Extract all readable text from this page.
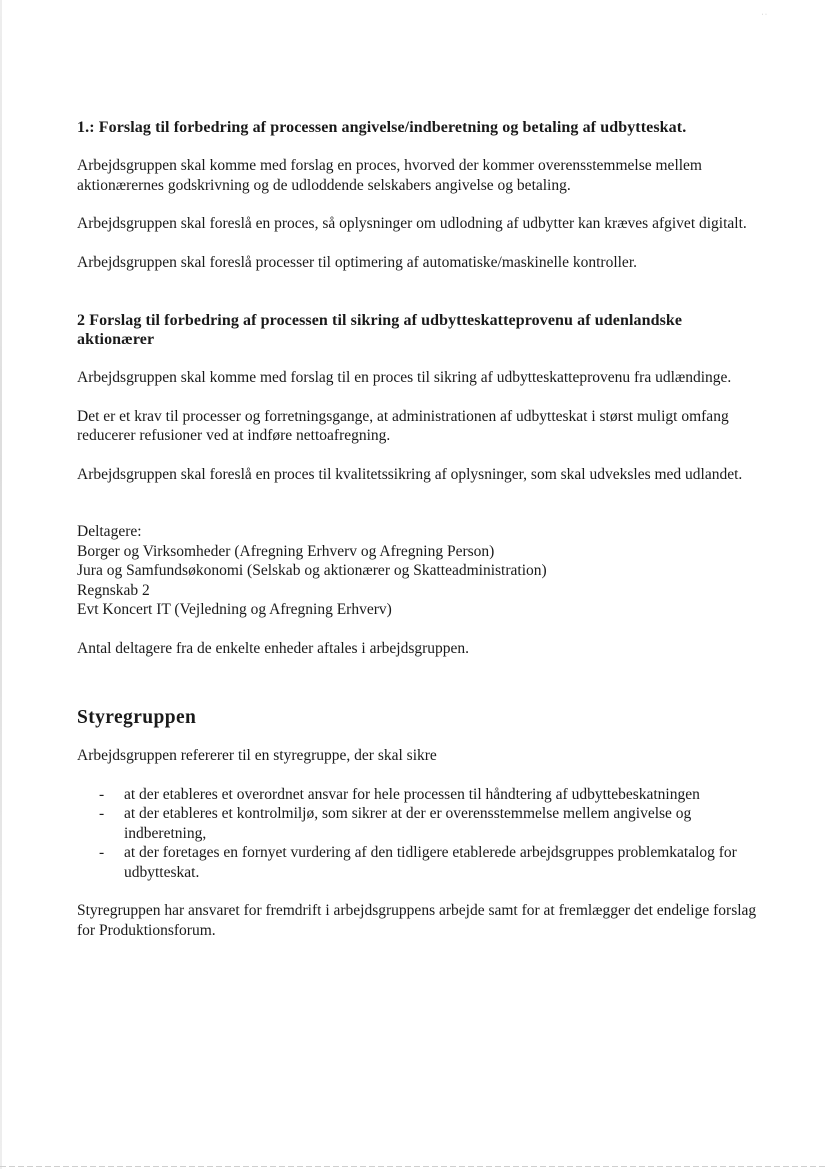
· ·
1.: Forslag til forbedring af processen angivelse/indberetning og betaling af udbytteskat.

Arbejdsgruppen skal komme med forslag en proces, hvorved der kommer overensstemmelse mellem aktionærernes godskrivning og de udloddende selskabers angivelse og betaling.

Arbejdsgruppen skal foreslå en proces, så oplysninger om udlodning af udbytter kan kræves afgivet digitalt.

Arbejdsgruppen skal foreslå processer til optimering af automatiske/maskinelle kontroller.

2 Forslag til forbedring af processen til sikring af udbytteskatteprovenu af udenlandske aktionærer

Arbejdsgruppen skal komme med forslag til en proces til sikring af udbytteskatteprovenu fra udlændinge.

Det er et krav til processer og forretningsgange, at administrationen af udbytteskat i størst muligt omfang reducerer refusioner ved at indføre nettoafregning.

Arbejdsgruppen skal foreslå en proces til kvalitetssikring af oplysninger, som skal udveksles med udlandet.

Deltagere:

Borger og Virksomheder (Afregning Erhverv og Afregning Person)

Jura og Samfundsøkonomi (Selskab og aktionærer og Skatteadministration)

Regnskab 2

Evt Koncert IT (Vejledning og Afregning Erhverv)

Antal deltagere fra de enkelte enheder aftales i arbejdsgruppen.

Styregruppen

Arbejdsgruppen refererer til en styregruppe, der skal sikre

- at der etableres et overordnet ansvar for hele processen til håndtering af udbyttebeskatningen
- at der etableres et kontrolmiljø, som sikrer at der er overensstemmelse mellem angivelse og indberetning,
- at der foretages en fornyet vurdering af den tidligere etablerede arbejdsgruppes problemkatalog for udbytteskat.

Styregruppen har ansvaret for fremdrift i arbejdsgruppens arbejde samt for at fremlægger det endelige forslag for Produktionsforum.
